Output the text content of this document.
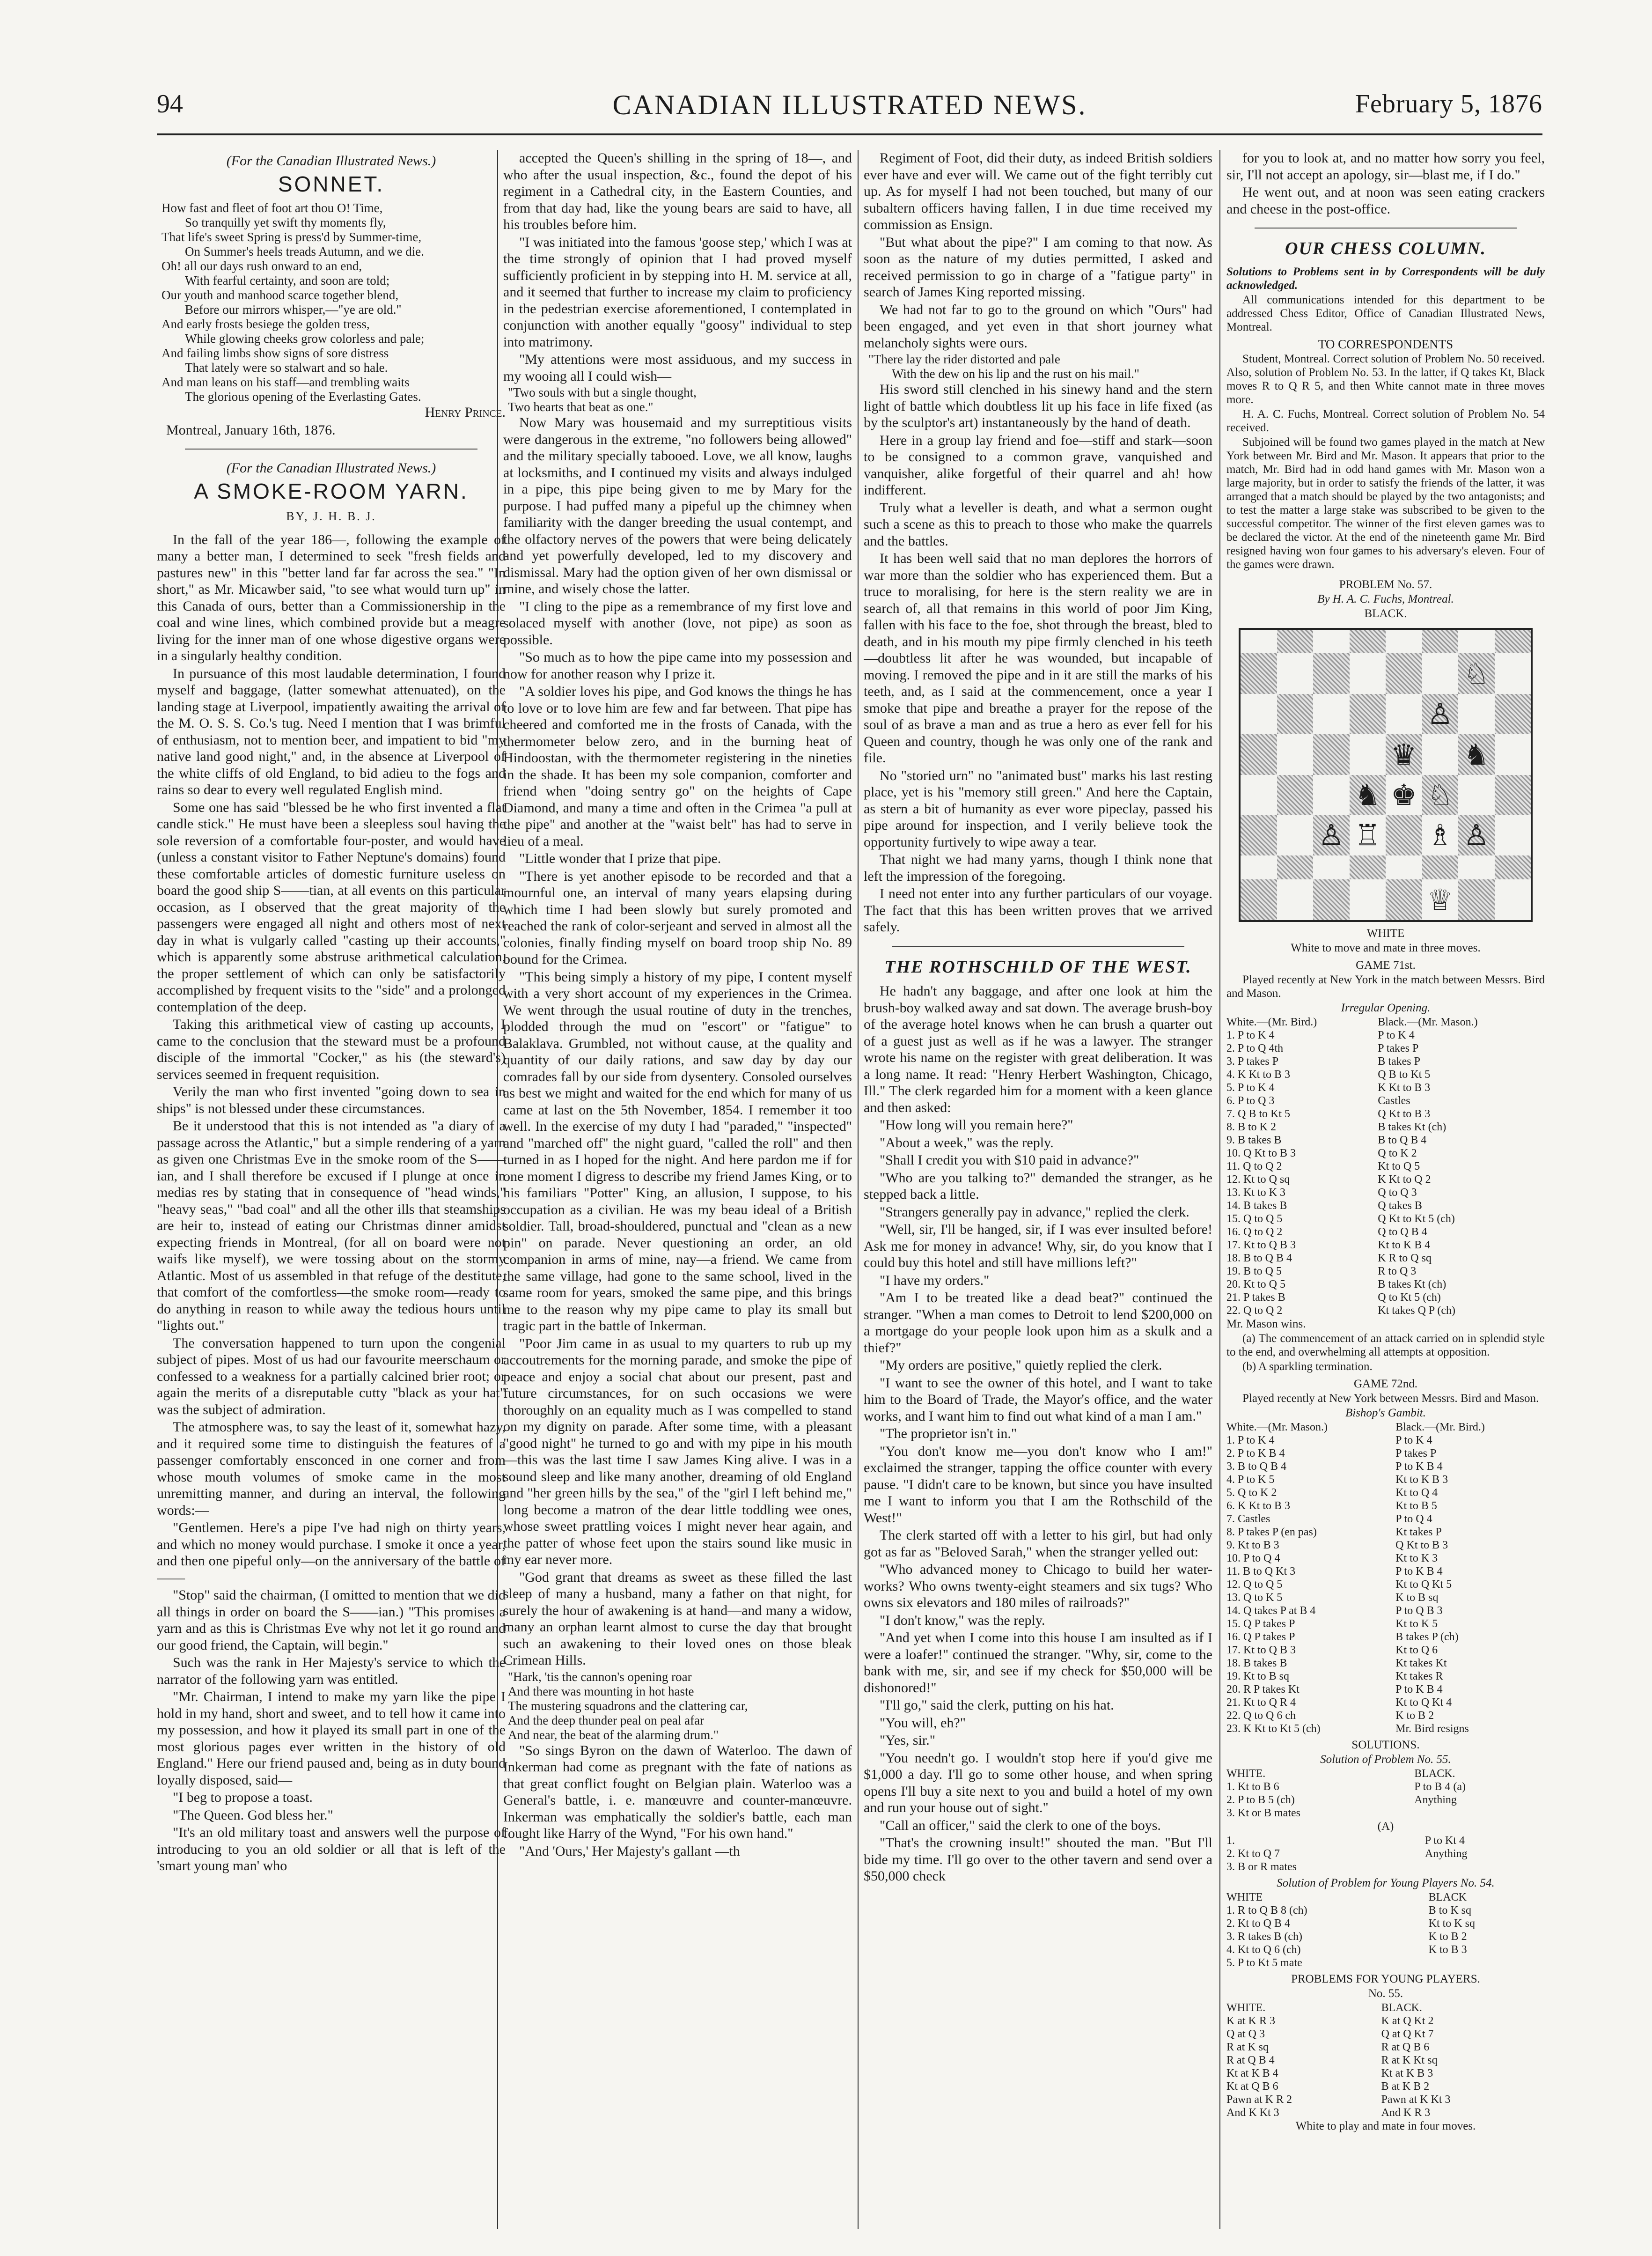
94	CANADIAN ILLUSTRATED NEWS.	February 5, 1876

(For the Canadian Illustrated News.)

SONNET.

How fast and fleet of foot art thou O! Time,

So tranquilly yet swift thy moments fly,

That life's sweet Spring is press'd by Summer-time,

On Summer's heels treads Autumn, and we die.

Oh! all our days rush onward to an end,

With fearful certainty, and soon are told;

Our youth and manhood scarce together blend,

Before our mirrors whisper,—"ye are old."

And early frosts besiege the golden tress,

While glowing cheeks grow colorless and pale;

And failing limbs show signs of sore distress

That lately were so stalwart and so hale.

And man leans on his staff—and trembling waits

The glorious opening of the Everlasting Gates.

Henry Prince.

Montreal, January 16th, 1876.

(For the Canadian Illustrated News.)

A SMOKE-ROOM YARN.
BY, J. H. B. J.

In the fall of the year 186—, following the example of many a better man, I determined to seek "fresh fields and pastures new" in this "better land far far across the sea." "In short," as Mr. Micawber said, "to see what would turn up" in this Canada of ours, better than a Commissionership in the coal and wine lines, which combined provide but a meagre living for the inner man of one whose digestive organs were in a singularly healthy condition.

In pursuance of this most laudable determination, I found myself and baggage, (latter somewhat attenuated), on the landing stage at Liverpool, impatiently awaiting the arrival of the M. O. S. S. Co.'s tug. Need I mention that I was brimful of enthusiasm, not to mention beer, and impatient to bid "my native land good night," and, in the absence at Liverpool of the white cliffs of old England, to bid adieu to the fogs and rains so dear to every well regulated English mind.

Some one has said "blessed be he who first invented a flat candle stick." He must have been a sleepless soul having the sole reversion of a comfortable four-poster, and would have (unless a constant visitor to Father Neptune's domains) found these comfortable articles of domestic furniture useless on board the good ship S——tian, at all events on this particular occasion, as I observed that the great majority of the passengers were engaged all night and others most of next day in what is vulgarly called "casting up their accounts," which is apparently some abstruse arithmetical calculation, the proper settlement of which can only be satisfactorily accomplished by frequent visits to the "side" and a prolonged contemplation of the deep.

Taking this arithmetical view of casting up accounts, I came to the conclusion that the steward must be a profound disciple of the immortal "Cocker," as his (the steward's) services seemed in frequent requisition.

Verily the man who first invented "going down to sea in ships" is not blessed under these circumstances.

Be it understood that this is not intended as "a diary of a passage across the Atlantic," but a simple rendering of a yarn as given one Christmas Eve in the smoke room of the S——ian, and I shall therefore be excused if I plunge at once in medias res by stating that in consequence of "head winds," "heavy seas," "bad coal" and all the other ills that steamships are heir to, instead of eating our Christmas dinner amidst expecting friends in Montreal, (for all on board were not waifs like myself), we were tossing about on the stormy Atlantic. Most of us assembled in that refuge of the destitute, that comfort of the comfortless—the smoke room—ready to do anything in reason to while away the tedious hours until "lights out."

The conversation happened to turn upon the congenial subject of pipes. Most of us had our favourite meerschaum or confessed to a weakness for a partially calcined brier root; or again the merits of a disreputable cutty "black as your hat" was the subject of admiration.

The atmosphere was, to say the least of it, somewhat hazy, and it required some time to distinguish the features of a passenger comfortably ensconced in one corner and from whose mouth volumes of smoke came in the most unremitting manner, and during an interval, the following words:—

"Gentlemen. Here's a pipe I've had nigh on thirty years, and which no money would purchase. I smoke it once a year, and then one pipeful only—on the anniversary of the battle of——

"Stop" said the chairman, (I omitted to mention that we did all things in order on board the S——ian.) "This promises a yarn and as this is Christmas Eve why not let it go round and our good friend, the Captain, will begin."

Such was the rank in Her Majesty's service to which the narrator of the following yarn was entitled.

"Mr. Chairman, I intend to make my yarn like the pipe I hold in my hand, short and sweet, and to tell how it came into my possession, and how it played its small part in one of the most glorious pages ever written in the history of old England." Here our friend paused and, being as in duty bound loyally disposed, said—

"I beg to propose a toast.

"The Queen. God bless her."

"It's an old military toast and answers well the purpose of introducing to you an old soldier or all that is left of the 'smart young man' who

accepted the Queen's shilling in the spring of 18—, and who after the usual inspection, &c., found the depot of his regiment in a Cathedral city, in the Eastern Counties, and from that day had, like the young bears are said to have, all his troubles before him.

"I was initiated into the famous 'goose step,' which I was at the time strongly of opinion that I had proved myself sufficiently proficient in by stepping into H. M. service at all, and it seemed that further to increase my claim to proficiency in the pedestrian exercise aforementioned, I contemplated in conjunction with another equally "goosy" individual to step into matrimony.

"My attentions were most assiduous, and my success in my wooing all I could wish—

"Two souls with but a single thought,

Two hearts that beat as one."

Now Mary was housemaid and my surreptitious visits were dangerous in the extreme, "no followers being allowed" and the military specially tabooed. Love, we all know, laughs at locksmiths, and I continued my visits and always indulged in a pipe, this pipe being given to me by Mary for the purpose. I had puffed many a pipeful up the chimney when familiarity with the danger breeding the usual contempt, and the olfactory nerves of the powers that were being delicately and yet powerfully developed, led to my discovery and dismissal. Mary had the option given of her own dismissal or mine, and wisely chose the latter.

"I cling to the pipe as a remembrance of my first love and solaced myself with another (love, not pipe) as soon as possible.

"So much as to how the pipe came into my possession and now for another reason why I prize it.

"A soldier loves his pipe, and God knows the things he has to love or to love him are few and far between. That pipe has cheered and comforted me in the frosts of Canada, with the thermometer below zero, and in the burning heat of Hindoostan, with the thermometer registering in the nineties in the shade. It has been my sole companion, comforter and friend when "doing sentry go" on the heights of Cape Diamond, and many a time and often in the Crimea "a pull at the pipe" and another at the "waist belt" has had to serve in lieu of a meal.

"Little wonder that I prize that pipe.

"There is yet another episode to be recorded and that a mournful one, an interval of many years elapsing during which time I had been slowly but surely promoted and reached the rank of color-serjeant and served in almost all the colonies, finally finding myself on board troop ship No. 89 bound for the Crimea.

"This being simply a history of my pipe, I content myself with a very short account of my experiences in the Crimea. We went through the usual routine of duty in the trenches, plodded through the mud on "escort" or "fatigue" to Balaklava. Grumbled, not without cause, at the quality and quantity of our daily rations, and saw day by day our comrades fall by our side from dysentery. Consoled ourselves as best we might and waited for the end which for many of us came at last on the 5th November, 1854. I remember it too well. In the exercise of my duty I had "paraded," "inspected" and "marched off" the night guard, "called the roll" and then turned in as I hoped for the night. And here pardon me if for one moment I digress to describe my friend James King, or to his familiars "Potter" King, an allusion, I suppose, to his occupation as a civilian. He was my beau ideal of a British soldier. Tall, broad-shouldered, punctual and "clean as a new pin" on parade. Never questioning an order, an old companion in arms of mine, nay—a friend. We came from the same village, had gone to the same school, lived in the same room for years, smoked the same pipe, and this brings me to the reason why my pipe came to play its small but tragic part in the battle of Inkerman.

"Poor Jim came in as usual to my quarters to rub up my accoutrements for the morning parade, and smoke the pipe of peace and enjoy a social chat about our present, past and future circumstances, for on such occasions we were thoroughly on an equality much as I was compelled to stand on my dignity on parade. After some time, with a pleasant "good night" he turned to go and with my pipe in his mouth—this was the last time I saw James King alive. I was in a sound sleep and like many another, dreaming of old England and "her green hills by the sea," of the "girl I left behind me," long become a matron of the dear little toddling wee ones, whose sweet prattling voices I might never hear again, and the patter of whose feet upon the stairs sound like music in my ear never more.

"God grant that dreams as sweet as these filled the last sleep of many a husband, many a father on that night, for surely the hour of awakening is at hand—and many a widow, many an orphan learnt almost to curse the day that brought such an awakening to their loved ones on those bleak Crimean Hills.

"Hark, 'tis the cannon's opening roar

And there was mounting in hot haste

The mustering squadrons and the clattering car,

And the deep thunder peal on peal afar

And near, the beat of the alarming drum."

"So sings Byron on the dawn of Waterloo. The dawn of Inkerman had come as pregnant with the fate of nations as that great conflict fought on Belgian plain. Waterloo was a General's battle, i. e. manœuvre and counter-manœuvre. Inkerman was emphatically the soldier's battle, each man fought like Harry of the Wynd, "For his own hand."

"And 'Ours,' Her Majesty's gallant —th

Regiment of Foot, did their duty, as indeed British soldiers ever have and ever will. We came out of the fight terribly cut up. As for myself I had not been touched, but many of our subaltern officers having fallen, I in due time received my commission as Ensign.

"But what about the pipe?" I am coming to that now. As soon as the nature of my duties permitted, I asked and received permission to go in charge of a "fatigue party" in search of James King reported missing.

We had not far to go to the ground on which "Ours" had been engaged, and yet even in that short journey what melancholy sights were ours.

"There lay the rider distorted and pale

With the dew on his lip and the rust on his mail."

His sword still clenched in his sinewy hand and the stern light of battle which doubtless lit up his face in life fixed (as by the sculptor's art) instantaneously by the hand of death.

Here in a group lay friend and foe—stiff and stark—soon to be consigned to a common grave, vanquished and vanquisher, alike forgetful of their quarrel and ah! how indifferent.

Truly what a leveller is death, and what a sermon ought such a scene as this to preach to those who make the quarrels and the battles.

It has been well said that no man deplores the horrors of war more than the soldier who has experienced them. But a truce to moralising, for here is the stern reality we are in search of, all that remains in this world of poor Jim King, fallen with his face to the foe, shot through the breast, bled to death, and in his mouth my pipe firmly clenched in his teeth—doubtless lit after he was wounded, but incapable of moving. I removed the pipe and in it are still the marks of his teeth, and, as I said at the commencement, once a year I smoke that pipe and breathe a prayer for the repose of the soul of as brave a man and as true a hero as ever fell for his Queen and country, though he was only one of the rank and file.

No "storied urn" no "animated bust" marks his last resting place, yet is his "memory still green." And here the Captain, as stern a bit of humanity as ever wore pipeclay, passed his pipe around for inspection, and I verily believe took the opportunity furtively to wipe away a tear.

That night we had many yarns, though I think none that left the impression of the foregoing.

I need not enter into any further particulars of our voyage. The fact that this has been written proves that we arrived safely.

THE ROTHSCHILD OF THE WEST.

He hadn't any baggage, and after one look at him the brush-boy walked away and sat down. The average brush-boy of the average hotel knows when he can brush a quarter out of a guest just as well as if he was a lawyer. The stranger wrote his name on the register with great deliberation. It was a long name. It read: "Henry Herbert Washington, Chicago, Ill." The clerk regarded him for a moment with a keen glance and then asked:

"How long will you remain here?"

"About a week," was the reply.

"Shall I credit you with $10 paid in advance?"

"Who are you talking to?" demanded the stranger, as he stepped back a little.

"Strangers generally pay in advance," replied the clerk.

"Well, sir, I'll be hanged, sir, if I was ever insulted before! Ask me for money in advance! Why, sir, do you know that I could buy this hotel and still have millions left?"

"I have my orders."

"Am I to be treated like a dead beat?" continued the stranger. "When a man comes to Detroit to lend $200,000 on a mortgage do your people look upon him as a skulk and a thief?"

"My orders are positive," quietly replied the clerk.

"I want to see the owner of this hotel, and I want to take him to the Board of Trade, the Mayor's office, and the water works, and I want him to find out what kind of a man I am."

"The proprietor isn't in."

"You don't know me—you don't know who I am!" exclaimed the stranger, tapping the office counter with every pause. "I didn't care to be known, but since you have insulted me I want to inform you that I am the Rothschild of the West!"

The clerk started off with a letter to his girl, but had only got as far as "Beloved Sarah," when the stranger yelled out:

"Who advanced money to Chicago to build her water-works? Who owns twenty-eight steamers and six tugs? Who owns six elevators and 180 miles of railroads?"

"I don't know," was the reply.

"And yet when I come into this house I am insulted as if I were a loafer!" continued the stranger. "Why, sir, come to the bank with me, sir, and see if my check for $50,000 will be dishonored!"

"I'll go," said the clerk, putting on his hat.

"You will, eh?"

"Yes, sir."

"You needn't go. I wouldn't stop here if you'd give me $1,000 a day. I'll go to some other house, and when spring opens I'll buy a site next to you and build a hotel of my own and run your house out of sight."

"Call an officer," said the clerk to one of the boys.

"That's the crowning insult!" shouted the man. "But I'll bide my time. I'll go over to the other tavern and send over a $50,000 check

for you to look at, and no matter how sorry you feel, sir, I'll not accept an apology, sir—blast me, if I do."

He went out, and at noon was seen eating crackers and cheese in the post-office.

OUR CHESS COLUMN.

Solutions to Problems sent in by Correspondents will be duly acknowledged.

All communications intended for this department to be addressed Chess Editor, Office of Canadian Illustrated News, Montreal.

TO CORRESPONDENTS

Student, Montreal. Correct solution of Problem No. 50 received. Also, solution of Problem No. 53. In the latter, if Q takes Kt, Black moves R to Q R 5, and then White cannot mate in three moves more.

H. A. C. Fuchs, Montreal. Correct solution of Problem No. 54 received.

Subjoined will be found two games played in the match at New York between Mr. Bird and Mr. Mason. It appears that prior to the match, Mr. Bird had in odd hand games with Mr. Mason won a large majority, but in order to satisfy the friends of the latter, it was arranged that a match should be played by the two antagonists; and to test the matter a large stake was subscribed to be given to the successful competitor. The winner of the first eleven games was to be declared the victor. At the end of the nineteenth game Mr. Bird resigned having won four games to his adversary's eleven. Four of the games were drawn.

PROBLEM No. 57.

By H. A. C. Fuchs, Montreal.

BLACK.

♘
♙
♛ ♞
♞ ♚ ♘
♙ ♖ ♗ ♙
♕

WHITE

White to move and mate in three moves.

GAME 71st.

Played recently at New York in the match between Messrs. Bird and Mason.

Irregular Opening.

White.—(Mr. Bird.)	Black.—(Mr. Mason.)
1. P to K 4	P to K 4
2. P to Q 4th	P takes P
3. P takes P	B takes P
4. K Kt to B 3	Q B to Kt 5
5. P to K 4	K Kt to B 3
6. P to Q 3	Castles
7. Q B to Kt 5	Q Kt to B 3
8. B to K 2	B takes Kt (ch)
9. B takes B	B to Q B 4
10. Q Kt to B 3	Q to K 2
11. Q to Q 2	Kt to Q 5
12. Kt to Q sq	K Kt to Q 2
13. Kt to K 3	Q to Q 3
14. B takes B	Q takes B
15. Q to Q 5	Q Kt to Kt 5 (ch)
16. Q to Q 2	Q to Q B 4
17. Kt to Q B 3	Kt to K B 4
18. B to Q B 4	K R to Q sq
19. B to Q 5	R to Q 3
20. Kt to Q 5	B takes Kt (ch)
21. P takes B	Q to Kt 5 (ch)
22. Q to Q 2	Kt takes Q P (ch)

Mr. Mason wins.

(a) The commencement of an attack carried on in splendid style to the end, and overwhelming all attempts at opposition.

(b) A sparkling termination.

GAME 72nd.

Played recently at New York between Messrs. Bird and Mason.

Bishop's Gambit.

White.—(Mr. Mason.)	Black.—(Mr. Bird.)
1. P to K 4	P to K 4
2. P to K B 4	P takes P
3. B to Q B 4	P to K B 4
4. P to K 5	Kt to K B 3
5. Q to K 2	Kt to Q 4
6. K Kt to B 3	Kt to B 5
7. Castles	P to Q 4
8. P takes P (en pas)	Kt takes P
9. Kt to B 3	Q Kt to B 3
10. P to Q 4	Kt to K 3
11. B to Q Kt 3	P to K B 4
12. Q to Q 5	Kt to Q Kt 5
13. Q to K 5	K to B sq
14. Q takes P at B 4	P to Q B 3
15. Q P takes P	Kt to K 5
16. Q P takes P	B takes P (ch)
17. Kt to Q B 3	Kt to Q 6
18. B takes B	Kt takes Kt
19. Kt to B sq	Kt takes R
20. R P takes Kt	P to K B 4
21. Kt to Q R 4	Kt to Q Kt 4
22. Q to Q 6 ch	K to B 2
23. K Kt to Kt 5 (ch)	Mr. Bird resigns

SOLUTIONS.

Solution of Problem No. 55.

WHITE.	BLACK.
1. Kt to B 6	P to B 4 (a)
2. P to B 5 (ch)	Anything
3. Kt or B mates	

(A)

1.	P to Kt 4
2. Kt to Q 7	Anything
3. B or R mates	

Solution of Problem for Young Players No. 54.

WHITE	BLACK
1. R to Q B 8 (ch)	B to K sq
2. Kt to Q B 4	Kt to K sq
3. R takes B (ch)	K to B 2
4. Kt to Q 6 (ch)	K to B 3
5. P to Kt 5 mate	

PROBLEMS FOR YOUNG PLAYERS.

No. 55.

WHITE.	BLACK.
K at K R 3	K at Q Kt 2
Q at Q 3	Q at Q Kt 7
R at K sq	R at Q B 6
R at Q B 4	R at K Kt sq
Kt at K B 4	Kt at K B 3
Kt at Q B 6	B at K B 2
Pawn at K R 2	Pawn at K Kt 3
And K Kt 3	And K R 3

White to play and mate in four moves.
